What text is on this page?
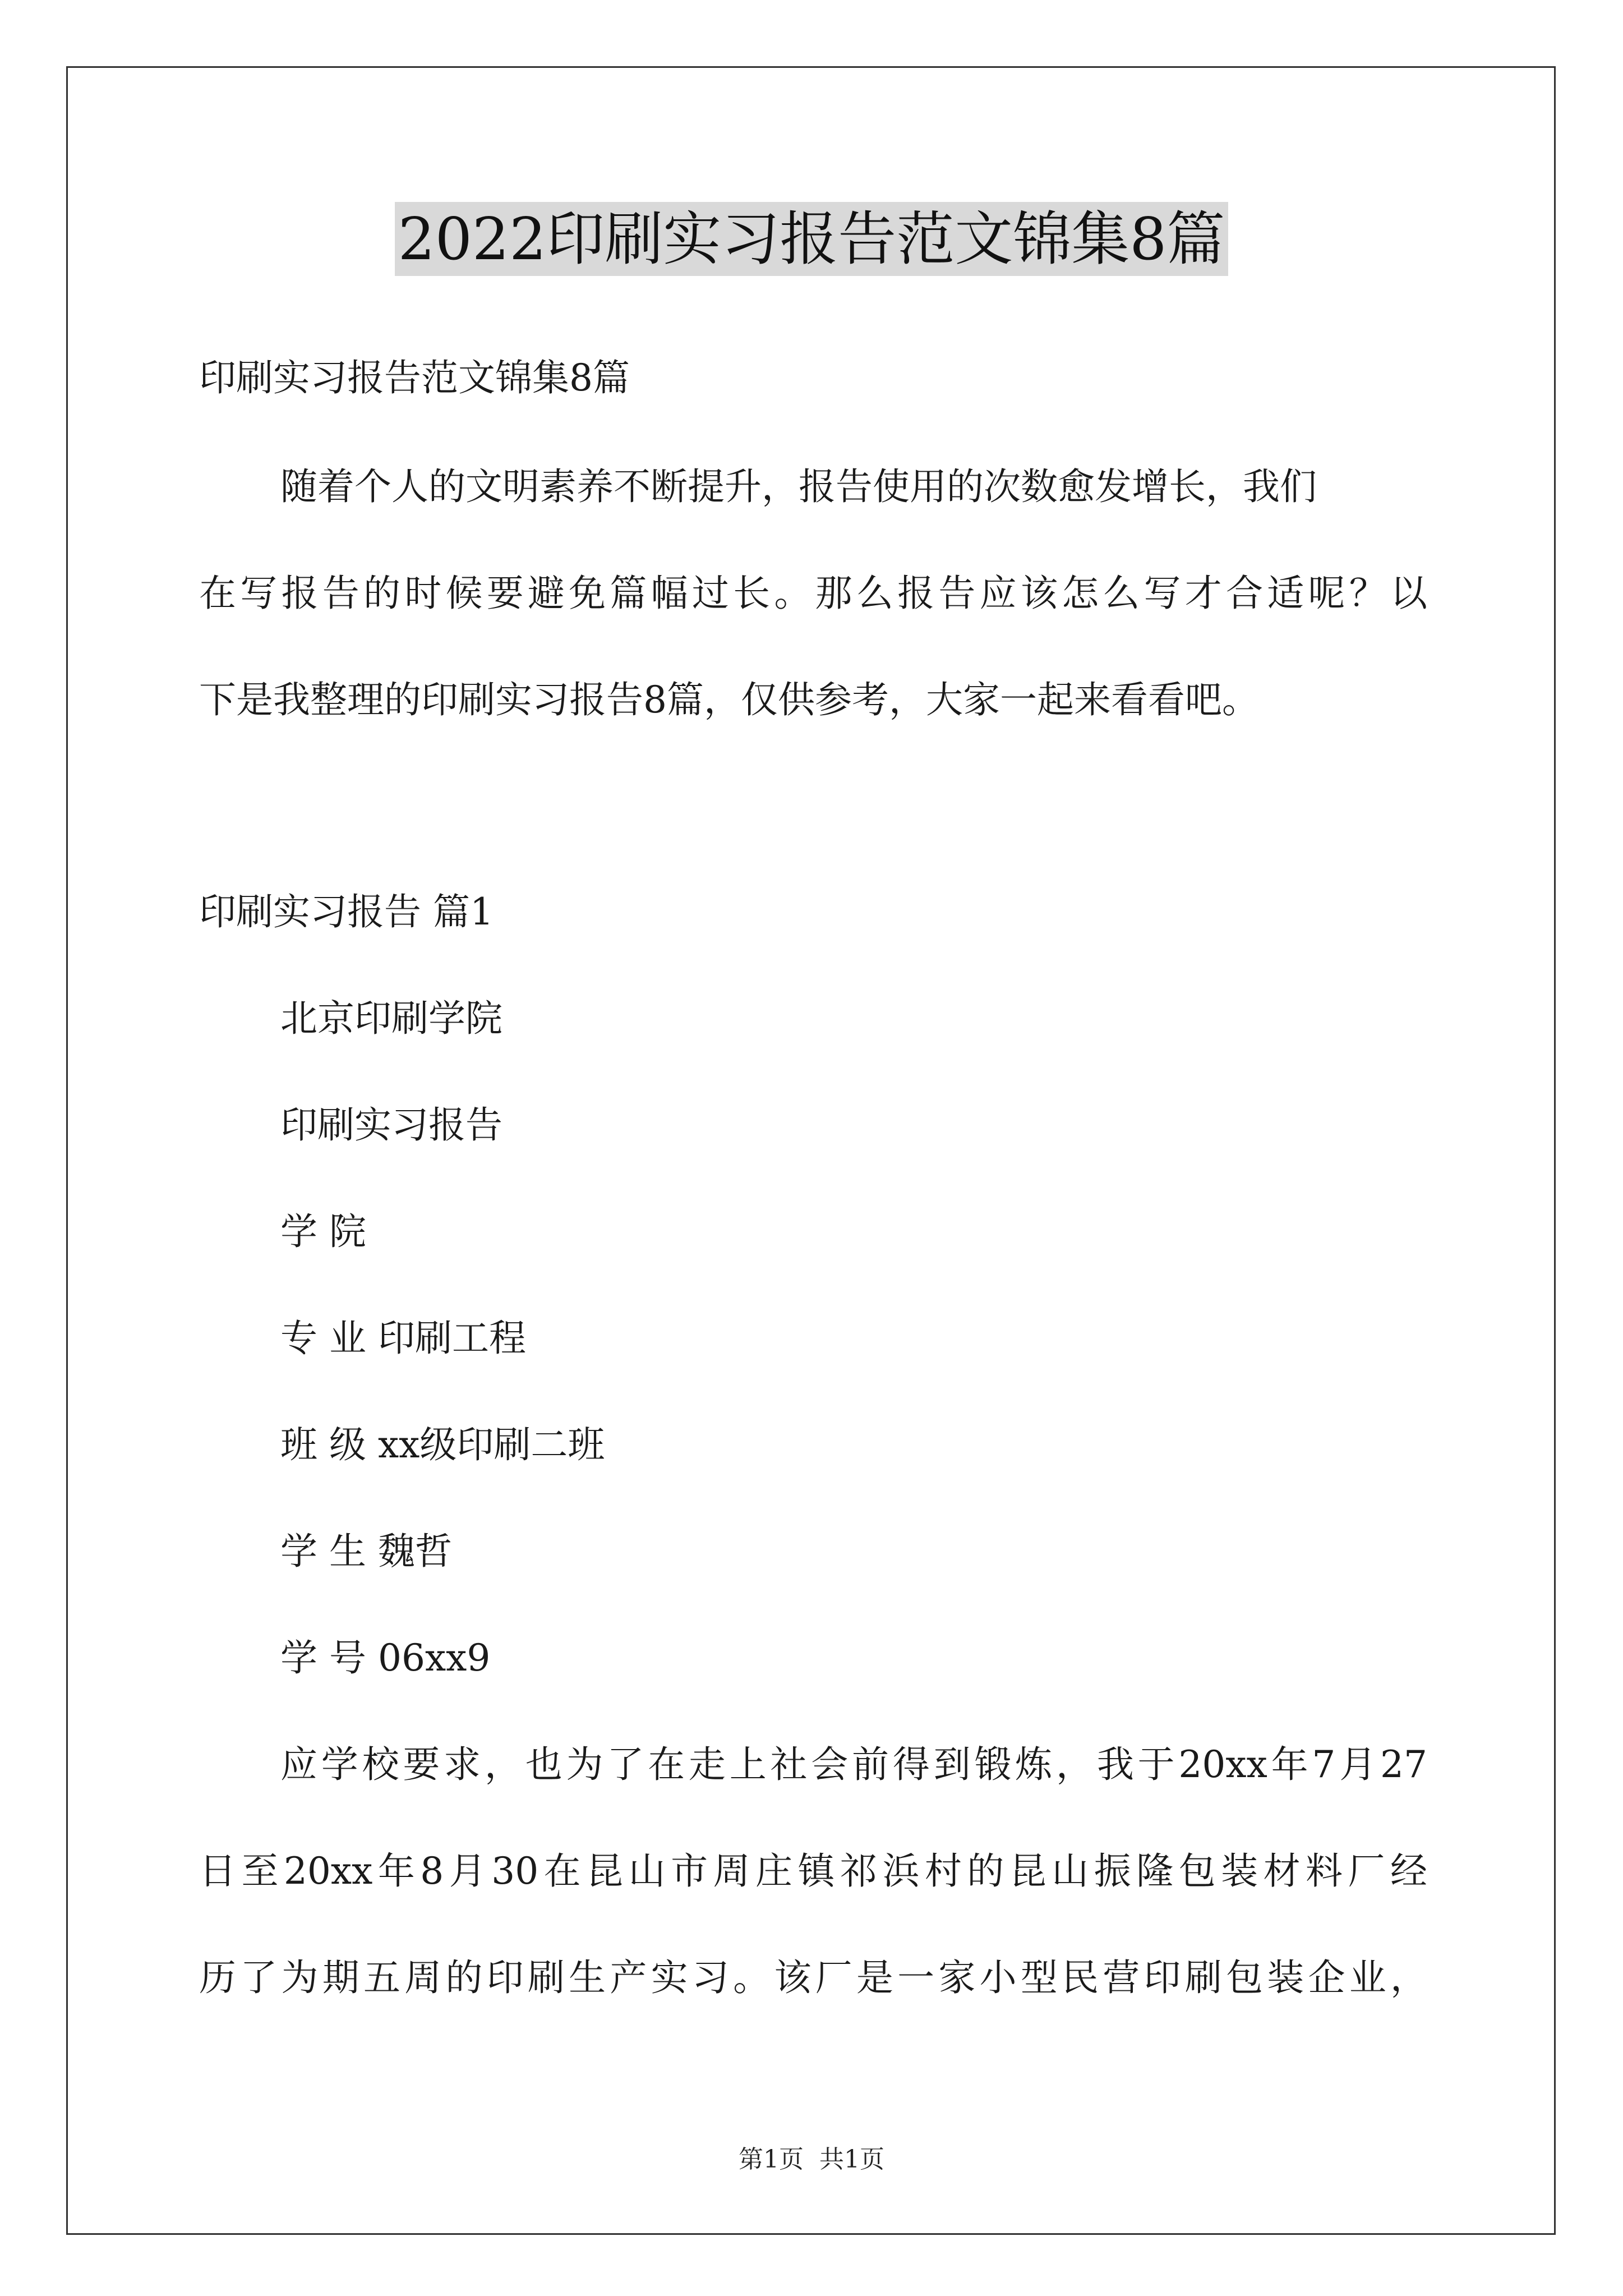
2022印刷实习报告范文锦集8篇
印刷实习报告范文锦集8篇
随着个人的文明素养不断提升，报告使用的次数愈发增长，我们
在写报告的时候要避免篇幅过长。那么报告应该怎么写才合适呢？以
下是我整理的印刷实习报告8篇，仅供参考，大家一起来看看吧。
印刷实习报告 篇1
北京印刷学院
印刷实习报告
学 院
专 业 印刷工程
班 级 xx级印刷二班
学 生 魏哲
学 号 06xx9
应学校要求，也为了在走上社会前得到锻炼，我于20xx年7月27
日至20xx年8月30在昆山市周庄镇祁浜村的昆山振隆包装材料厂经
历了为期五周的印刷生产实习。该厂是一家小型民营印刷包装企业，
第1页 共1页
